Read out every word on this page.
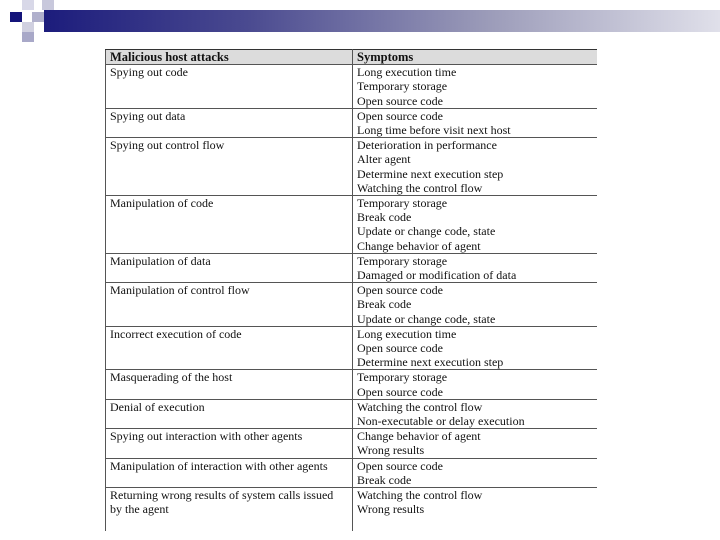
Malicious host attacks	Symptoms

Spying out code	Long execution time
Temporary storage
Open source code

Spying out data	Open source code
Long time before visit next host

Spying out control flow	Deterioration in performance
Alter agent
Determine next execution step
Watching the control flow

Manipulation of code	Temporary storage
Break code
Update or change code, state
Change behavior of agent

Manipulation of data	Temporary storage
Damaged or modification of data

Manipulation of control flow	Open source code
Break code
Update or change code, state

Incorrect execution of code	Long execution time
Open source code
Determine next execution step

Masquerading of the host	Temporary storage
Open source code

Denial of execution	Watching the control flow
Non-executable or delay execution

Spying out interaction with other agents	Change behavior of agent
Wrong results

Manipulation of interaction with other agents	Open source code
Break code

Returning wrong results of system calls issued
by the agent	Watching the control flow
Wrong results
